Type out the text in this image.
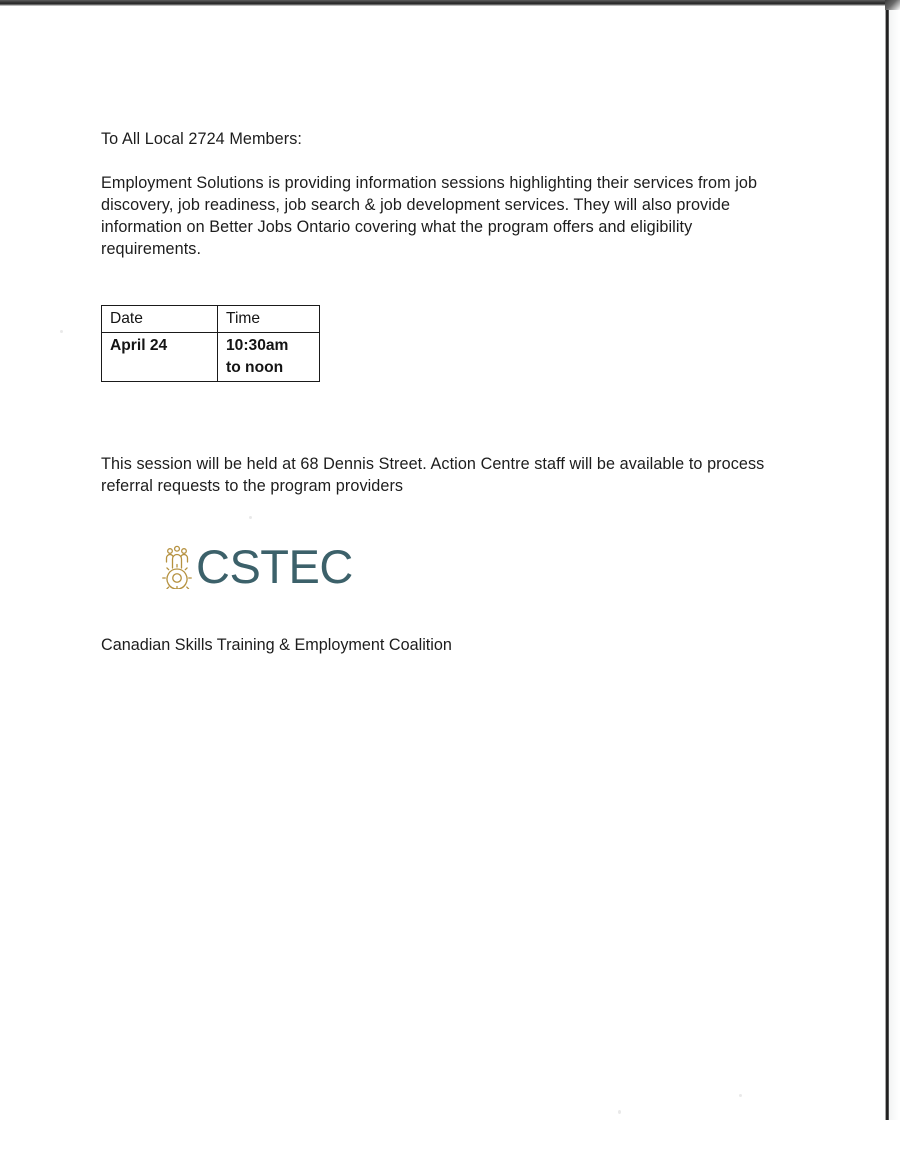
To All Local 2724 Members:

Employment Solutions is providing information sessions highlighting their services from job discovery, job readiness, job search & job development services. They will also provide information on Better Jobs Ontario covering what the program offers and eligibility requirements.

This session will be held at 68 Dennis Street. Action Centre staff will be available to process referral requests to the program providers

Canadian Skills Training & Employment Coalition

Date	Time
April 24	10:30am
to noon
CSTEC
